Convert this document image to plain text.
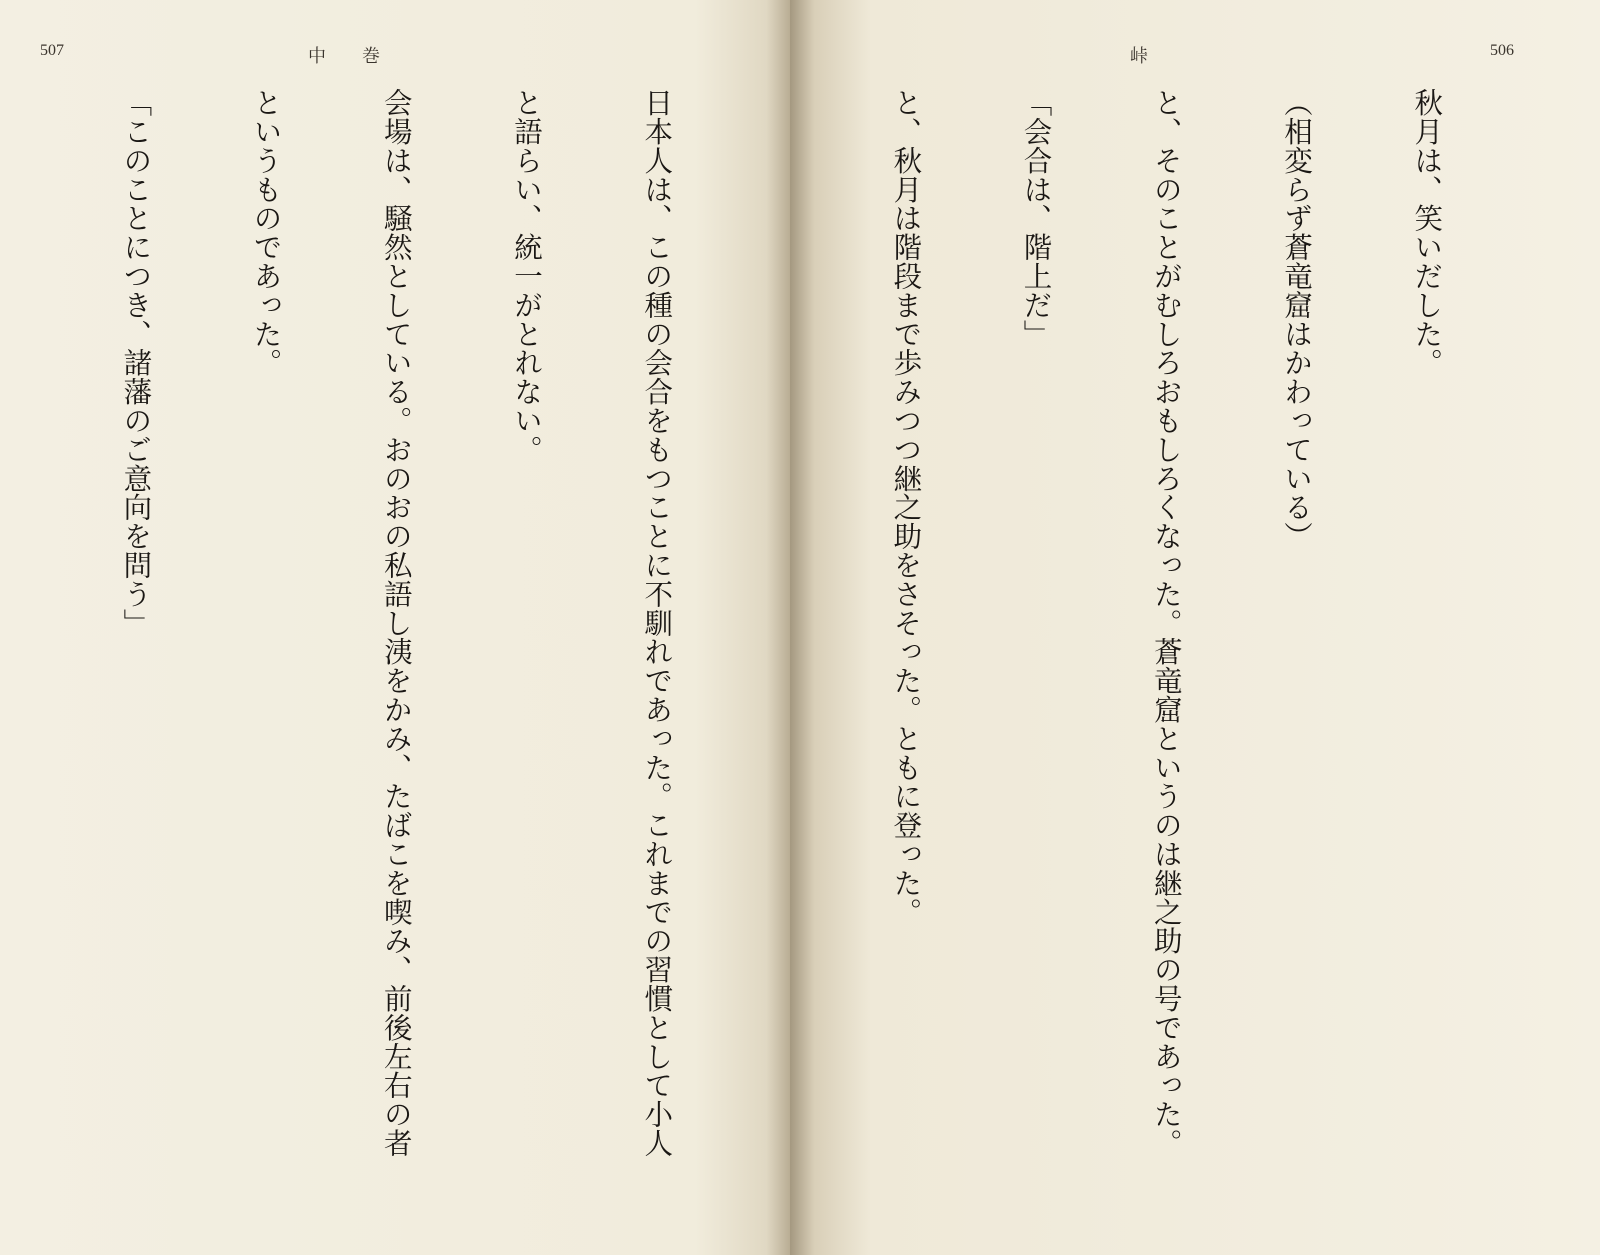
507	中　　巻

日本人は、この種の会合をもつことに不馴れであった。これまでの習慣として小人

と語らい、統一がとれない。

会場は、騒然としている。おのおの私語し洟をかみ、たばこを喫み、前後左右の者

というものであった。

「このことにつき、諸藩のご意向を問う」

峠	506

秋月は、笑いだした。

（相変らず蒼竜窟はかわっている）

と、そのことがむしろおもしろくなった。蒼竜窟というのは継之助の号であった。

「会合は、階上だ」

と、秋月は階段まで歩みつつ継之助をさそった。ともに登った。
